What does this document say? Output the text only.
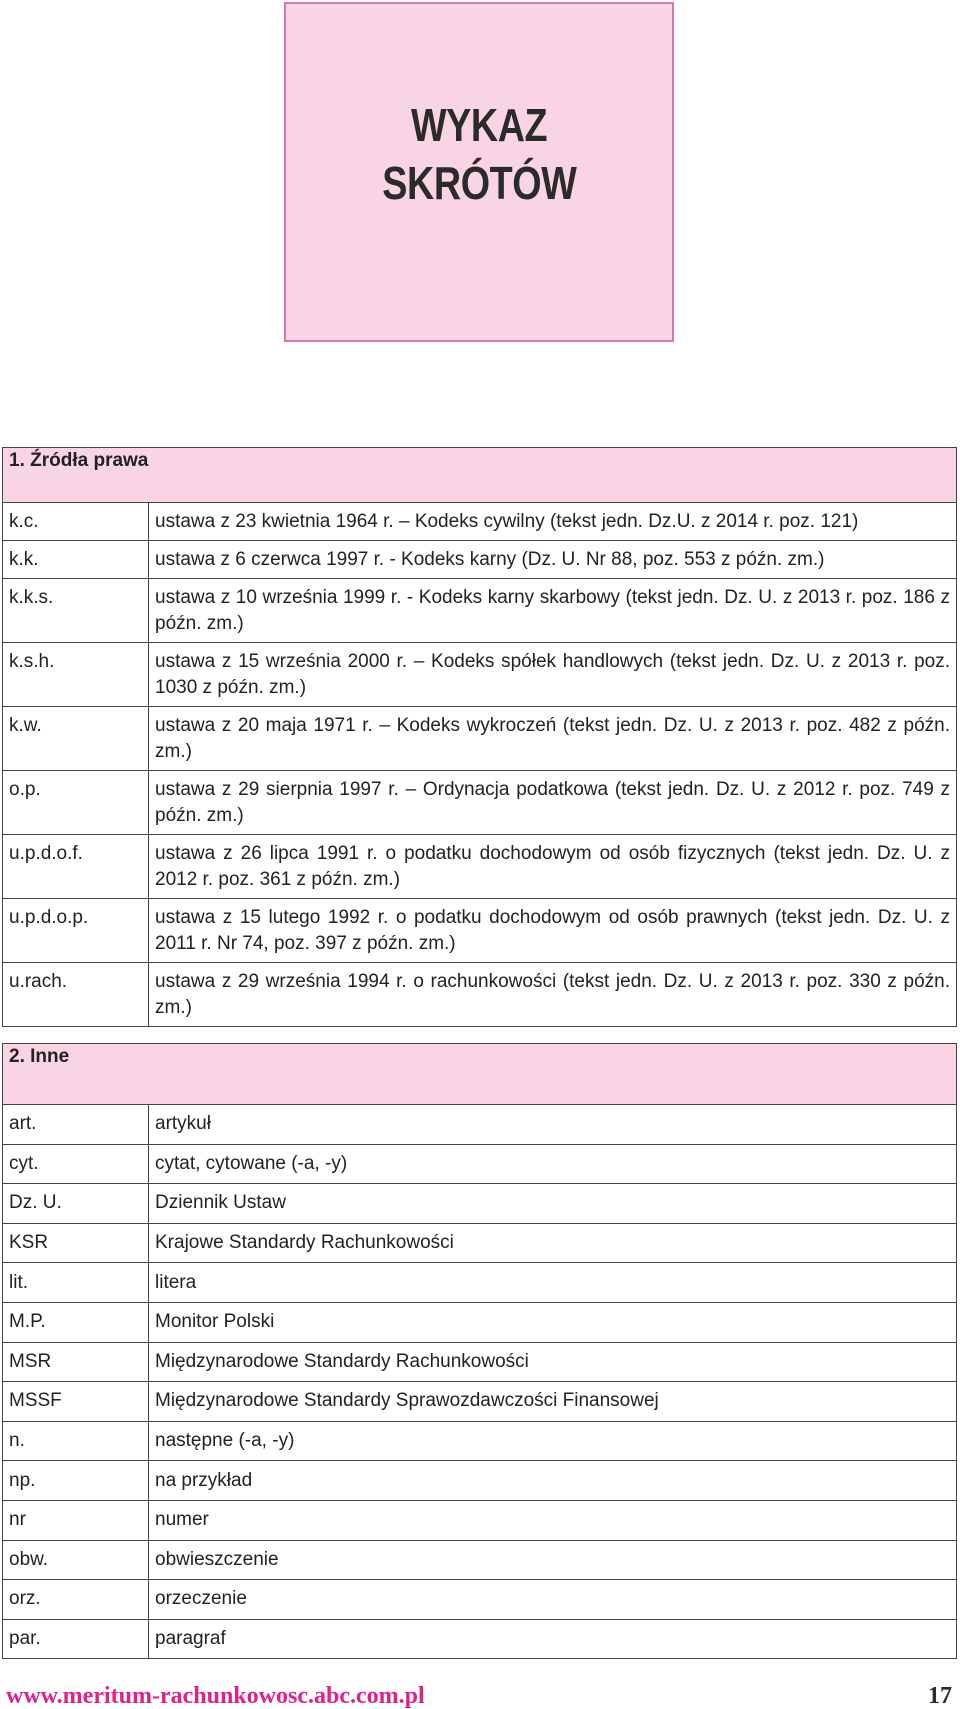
WYKAZ
SKRÓTÓW
1. Źródła prawa	
k.c.	ustawa z 23 kwietnia 1964 r. – Kodeks cywilny (tekst jedn. Dz.U. z 2014 r. poz. 121)
k.k.	ustawa z 6 czerwca 1997 r. - Kodeks karny (Dz. U. Nr 88, poz. 553 z późn. zm.)
k.k.s.	ustawa z 10 września 1999 r. - Kodeks karny skarbowy (tekst jedn. Dz. U. z 2013 r. poz. 186 z późn. zm.)
k.s.h.	ustawa z 15 września 2000 r. – Kodeks spółek handlowych (tekst jedn. Dz. U. z 2013 r. poz. 1030 z późn. zm.)
k.w.	ustawa z 20 maja 1971 r. – Kodeks wykroczeń (tekst jedn. Dz. U. z 2013 r. poz. 482 z późn. zm.)
o.p.	ustawa z 29 sierpnia 1997 r. – Ordynacja podatkowa (tekst jedn. Dz. U. z 2012 r. poz. 749 z późn. zm.)
u.p.d.o.f.	ustawa z 26 lipca 1991 r. o podatku dochodowym od osób fizycznych (tekst jedn. Dz. U. z 2012 r. poz. 361 z późn. zm.)
u.p.d.o.p.	ustawa z 15 lutego 1992 r. o podatku dochodowym od osób prawnych (tekst jedn. Dz. U. z 2011 r. Nr 74, poz. 397 z późn. zm.)
u.rach.	ustawa z 29 września 1994 r. o rachunkowości (tekst jedn. Dz. U. z 2013 r. poz. 330 z późn. zm.)
2. Inne	
art.	artykuł
cyt.	cytat, cytowane (-a, -y)
Dz. U.	Dziennik Ustaw
KSR	Krajowe Standardy Rachunkowości
lit.	litera
M.P.	Monitor Polski
MSR	Międzynarodowe Standardy Rachunkowości
MSSF	Międzynarodowe Standardy Sprawozdawczości Finansowej
n.	następne (-a, -y)
np.	na przykład
nr	numer
obw.	obwieszczenie
orz.	orzeczenie
par.	paragraf
www.meritum-rachunkowosc.abc.com.pl	17
